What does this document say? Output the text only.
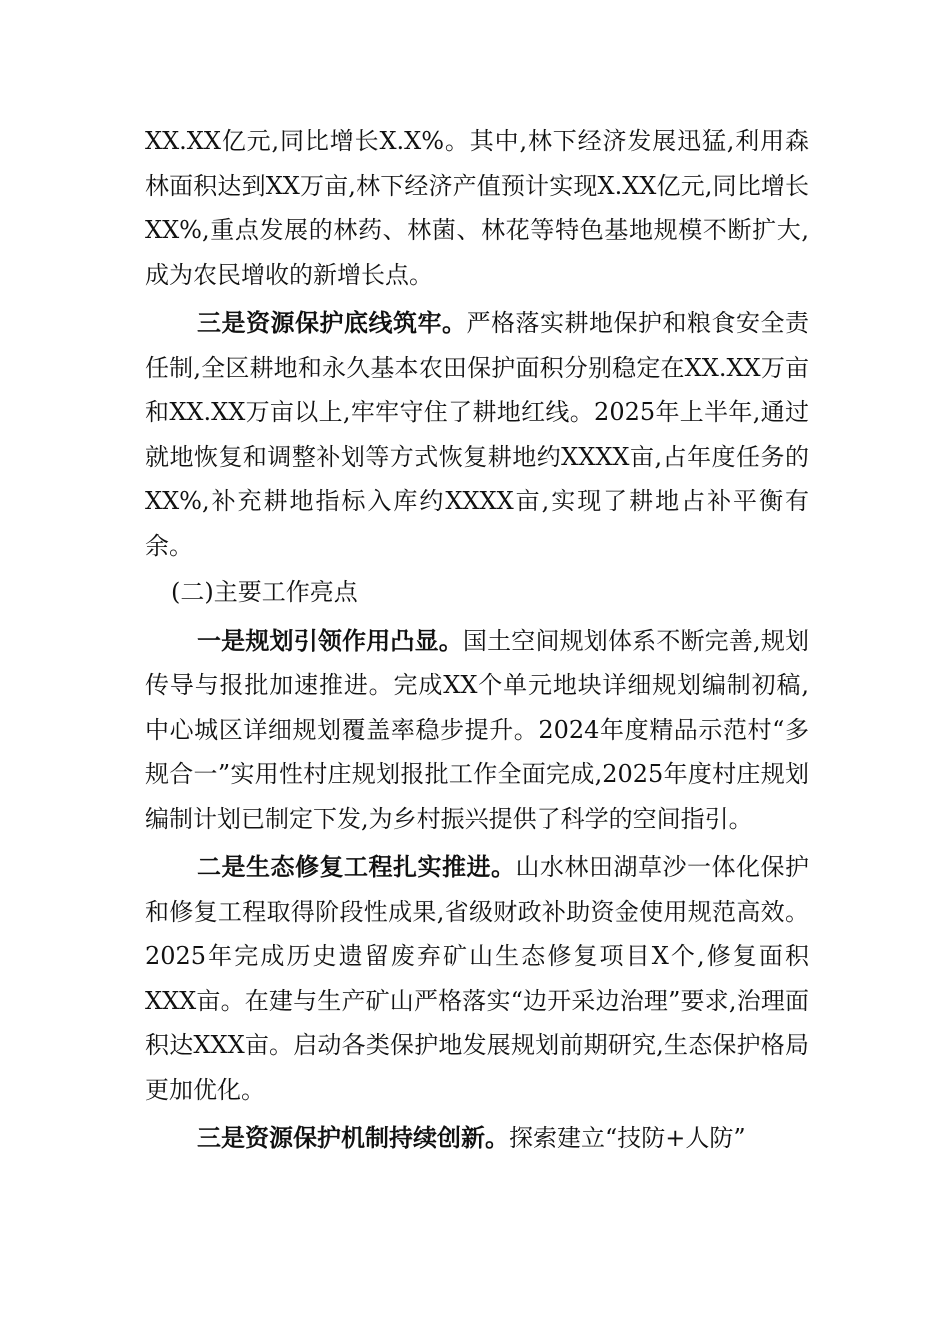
XX.XX亿元,同比增长X.X%。其中,林下经济发展迅猛,利用森林面积达到XX万亩,林下经济产值预计实现X.XX亿元,同比增长XX%,重点发展的林药、林菌、林花等特色基地规模不断扩大,成为农民增收的新增长点。

三是资源保护底线筑牢。严格落实耕地保护和粮食安全责任制,全区耕地和永久基本农田保护面积分别稳定在XX.XX万亩和XX.XX万亩以上,牢牢守住了耕地红线。2025年上半年,通过就地恢复和调整补划等方式恢复耕地约XXXX亩,占年度任务的XX%,补充耕地指标入库约XXXX亩,实现了耕地占补平衡有余。

(二)主要工作亮点

一是规划引领作用凸显。国土空间规划体系不断完善,规划传导与报批加速推进。完成XX个单元地块详细规划编制初稿,中心城区详细规划覆盖率稳步提升。2024年度精品示范村“多规合一”实用性村庄规划报批工作全面完成,2025年度村庄规划编制计划已制定下发,为乡村振兴提供了科学的空间指引。

二是生态修复工程扎实推进。山水林田湖草沙一体化保护和修复工程取得阶段性成果,省级财政补助资金使用规范高效。2025年完成历史遗留废弃矿山生态修复项目X个,修复面积XXX亩。在建与生产矿山严格落实“边开采边治理”要求,治理面积达XXX亩。启动各类保护地发展规划前期研究,生态保护格局更加优化。

三是资源保护机制持续创新。探索建立“技防+人防”
